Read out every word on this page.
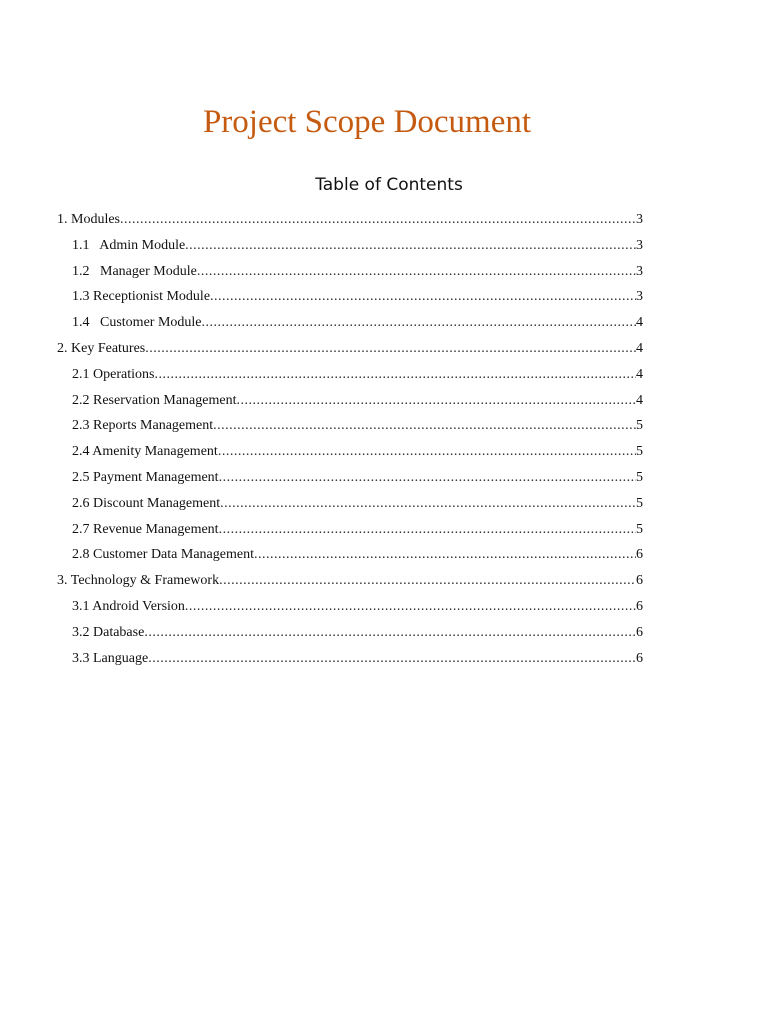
Project Scope Document
Table of Contents
1. Modules .....	3
1.1   Admin Module .....	3
1.2   Manager Module .....	3
1.3 Receptionist Module .....	3
1.4   Customer Module .....	4
2. Key Features .....	4
2.1 Operations .....	4
2.2 Reservation Management .....	4
2.3 Reports Management .....	5
2.4 Amenity Management .....	5
2.5 Payment Management .....	5
2.6 Discount Management .....	5
2.7 Revenue Management .....	5
2.8 Customer Data Management .....	6
3. Technology & Framework .....	6
3.1 Android Version .....	6
3.2 Database .....	6
3.3 Language .....	6
